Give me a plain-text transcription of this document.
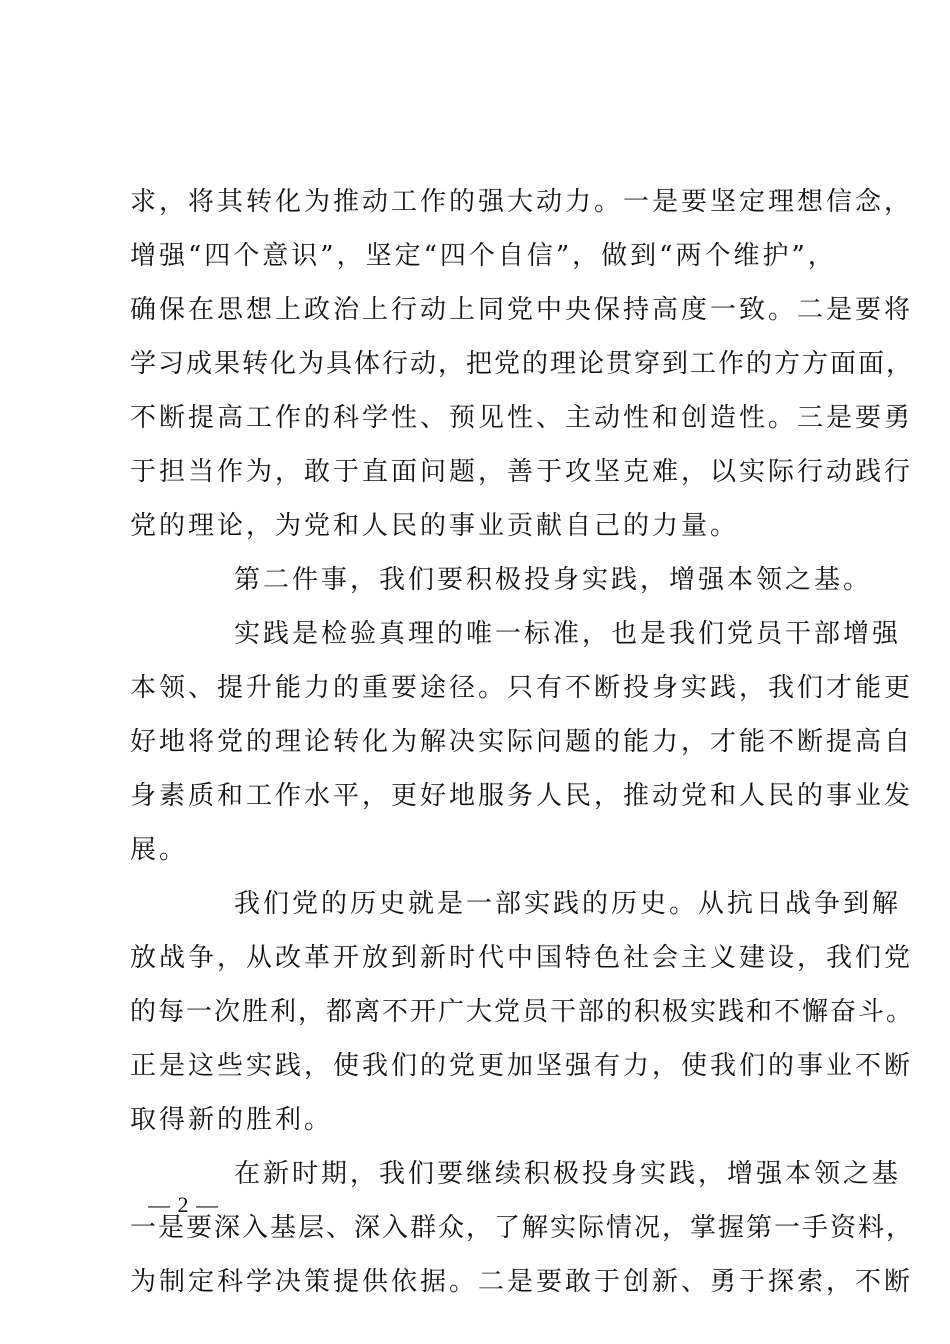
求，将其转化为推动工作的强大动力。一是要坚定理想信念，
增强“四个意识”，坚定“四个自信”，做到“两个维护”，
确保在思想上政治上行动上同党中央保持高度一致。二是要将
学习成果转化为具体行动，把党的理论贯穿到工作的方方面面，
不断提高工作的科学性、预见性、主动性和创造性。三是要勇
于担当作为，敢于直面问题，善于攻坚克难，以实际行动践行
党的理论，为党和人民的事业贡献自己的力量。
第二件事，我们要积极投身实践，增强本领之基。
实践是检验真理的唯一标准，也是我们党员干部增强
本领、提升能力的重要途径。只有不断投身实践，我们才能更
好地将党的理论转化为解决实际问题的能力，才能不断提高自
身素质和工作水平，更好地服务人民，推动党和人民的事业发
展。
我们党的历史就是一部实践的历史。从抗日战争到解
放战争，从改革开放到新时代中国特色社会主义建设，我们党
的每一次胜利，都离不开广大党员干部的积极实践和不懈奋斗。
正是这些实践，使我们的党更加坚强有力，使我们的事业不断
取得新的胜利。
在新时期，我们要继续积极投身实践，增强本领之基
一是要深入基层、深入群众，了解实际情况，掌握第一手资料，
为制定科学决策提供依据。二是要敢于创新、勇于探索，不断
— 2 —
